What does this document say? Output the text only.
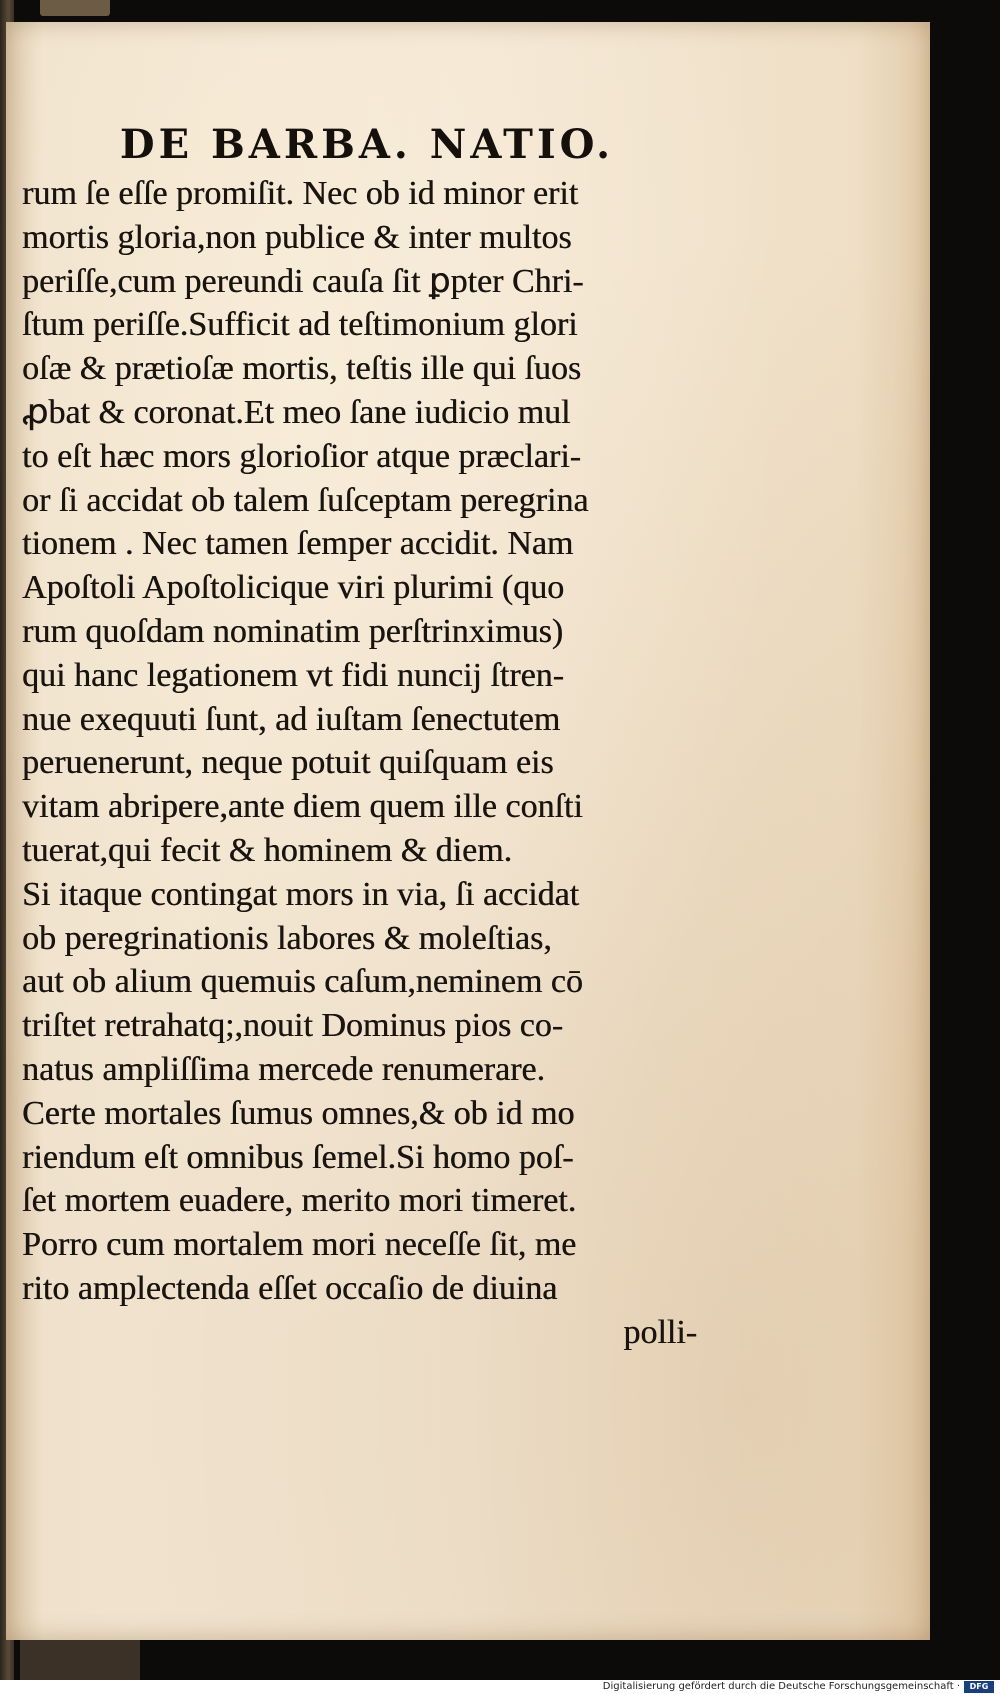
DE BARBA. NATIO.
rum ſe eſſe promiſit. Nec ob id minor erit
mortis gloria,non publice & inter multos
periſſe,cum pereundi cauſa ſit ꝑpter Chri-
ſtum periſſe.Sufficit ad teſtimonium glori
oſæ & prætioſæ mortis, teſtis ille qui ſuos
ꝓbat & coronat.Et meo ſane iudicio mul
to eſt hæc mors glorioſior atque præclari-
or ſi accidat ob talem ſuſceptam peregrina
tionem . Nec tamen ſemper accidit. Nam
Apoſtoli Apoſtolicique viri plurimi (quo
rum quoſdam nominatim perſtrinximus)
qui hanc legationem vt fidi nuncij ſtren-
nue exequuti ſunt, ad iuſtam ſenectutem
peruenerunt, neque potuit quiſquam eis
vitam abripere,ante diem quem ille conſti
tuerat,qui fecit & hominem & diem.
Si itaque contingat mors in via, ſi accidat
ob peregrinationis labores & moleſtias,
aut ob alium quemuis caſum,neminem cō
triſtet retrahatq;,nouit Dominus pios co-
natus ampliſſima mercede renumerare.
Certe mortales ſumus omnes,& ob id mo
riendum eſt omnibus ſemel.Si homo poſ-
ſet mortem euadere, merito mori timeret.
Porro cum mortalem mori neceſſe ſit, me
rito amplectenda eſſet occaſio de diuina
polli-
Digitalisierung gefördert durch die Deutsche Forschungsgemeinschaft ·	DFG
